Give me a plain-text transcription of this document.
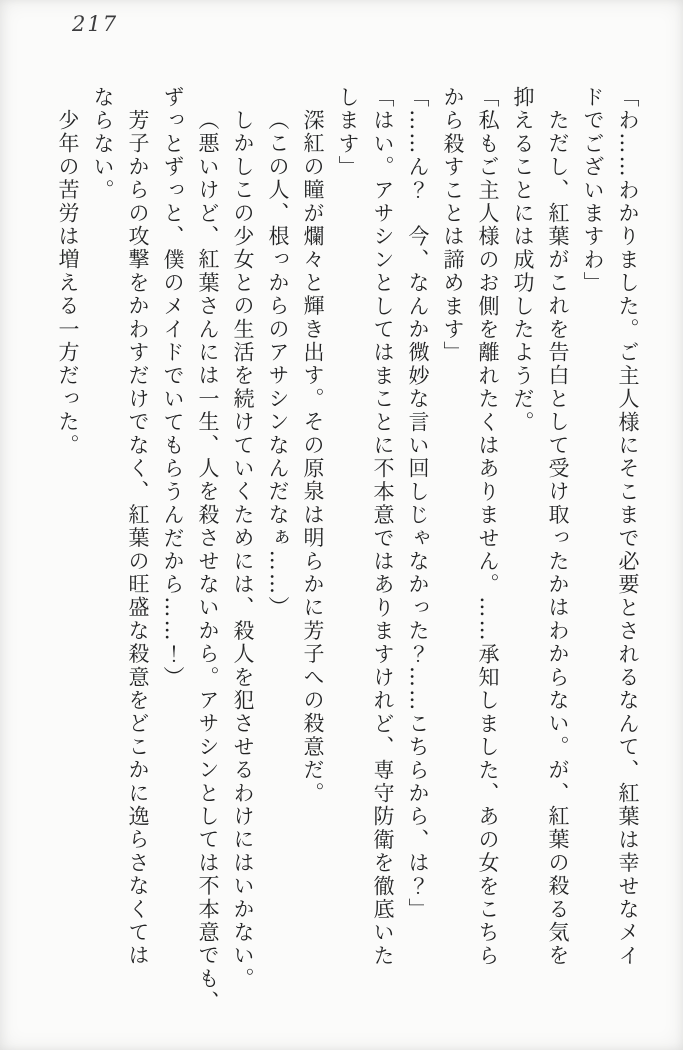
217

「わ……わかりました。ご主人様にそこまで必要とされるなんて、紅葉は幸せなメイ

ドでございますわ」

ただし、紅葉がこれを告白として受け取ったかはわからない。が、紅葉の殺る気を

抑えることには成功したようだ。

「私もご主人様のお側を離れたくはありません。……承知しました、あの女をこちら

から殺すことは諦めます」

「……ん？　今、なんか微妙な言い回しじゃなかった？……こちらから、は？」

「はい。アサシンとしてはまことに不本意ではありますけれど、専守防衛を徹底いた

します」

深紅の瞳が爛々と輝き出す。その原泉は明らかに芳子への殺意だ。

（この人、根っからのアサシンなんだなぁ……）

しかしこの少女との生活を続けていくためには、殺人を犯させるわけにはいかない。

（悪いけど、紅葉さんには一生、人を殺させないから。アサシンとしては不本意でも、

ずっとずっと、僕のメイドでいてもらうんだから……！）

芳子からの攻撃をかわすだけでなく、紅葉の旺盛な殺意をどこかに逸らさなくては

ならない。

少年の苦労は増える一方だった。
